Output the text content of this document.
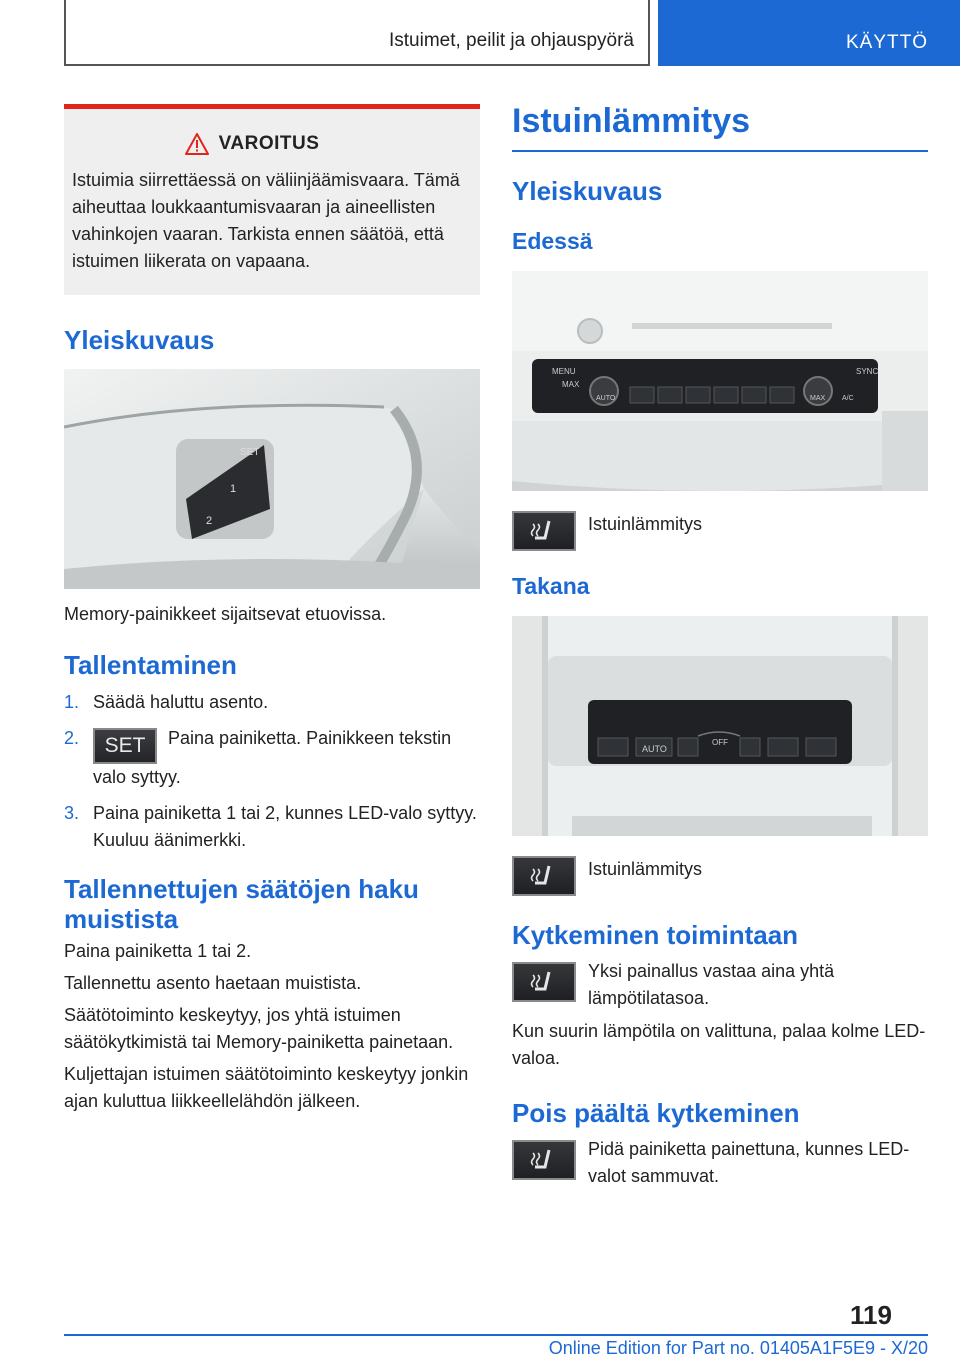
Istuimet, peilit ja ohjauspyörä	KÄYTTÖ
VAROITUS

Istuimia siirrettäessä on väliinjäämisvaara. Tämä aiheuttaa loukkaantumisvaaran ja aineellisten vahinkojen vaaran. Tarkista ennen säätöä, että istuimen liikerata on vapaana.

Yleiskuvaus
SET
1
2

Memory-painikkeet sijaitsevat etuovissa.

Tallentaminen
1. Säädä haluttu asento.
2. SET Paina painiketta. Painikkeen tekstin valo syttyy.
3. Paina painiketta 1 tai 2, kunnes LED-valo syttyy. Kuuluu äänimerkki.
Tallennettujen säätöjen haku muistista

Paina painiketta 1 tai 2.

Tallennettu asento haetaan muistista.

Säätötoiminto keskeytyy, jos yhtä istuimen säätökytkimistä tai Memory-painiketta painetaan.

Kuljettajan istuimen säätötoiminto keskeytyy jonkin ajan kuluttua liikkeellelähdön jälkeen.

Istuinlämmitys
Yleiskuvaus
Edessä
MENU
MAX
AUTO
SYNC
MAX A/C

Istuinlämmitys

Takana
AUTO
OFF

Istuinlämmitys

Kytkeminen toimintaan

Yksi painallus vastaa aina yhtä lämpötilatasoa.

Kun suurin lämpötila on valittuna, palaa kolme LED-valoa.

Pois päältä kytkeminen

Pidä painiketta painettuna, kunnes LED-valot sammuvat.

119
Online Edition for Part no. 01405A1F5E9 - X/20
